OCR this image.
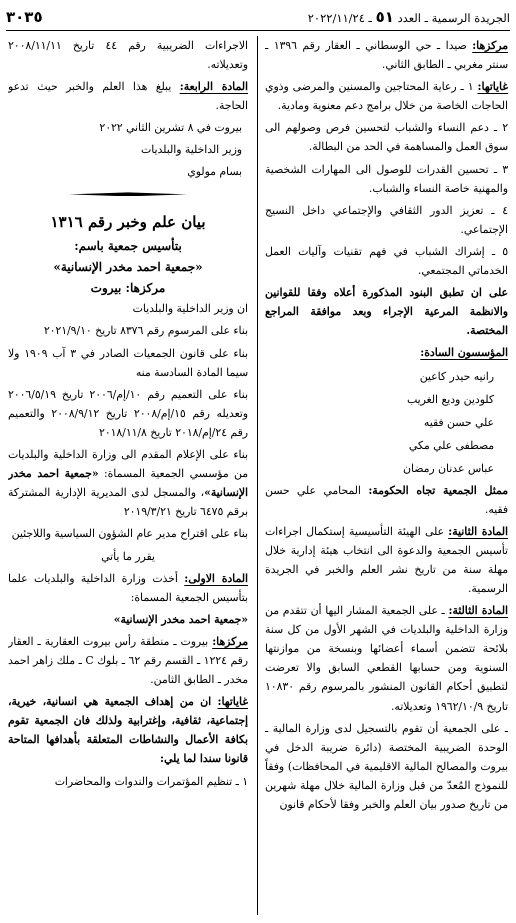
الجريدة الرسمية ـ العدد ٥١ ـ ٢٠٢٢/١١/٢٤
٣٠٣٥

مركزها: صيدا ـ حي الوسطاني ـ العقار رقم ١٣٩٦ ـ سنتر مغربي ـ الطابق الثاني.

غاياتها: ١ ـ رعاية المحتاجين والمسنين والمرضى وذوي الحاجات الخاصة من خلال برامج دعم معنوية ومادية.

٢ ـ دعم النساء والشباب لتحسين فرص وصولهم الى سوق العمل والمساهمة في الحد من البطالة.

٣ ـ تحسين القدرات للوصول الى المهارات الشخصية والمهنية خاصة النساء والشباب.

٤ ـ تعزيز الدور الثقافي والإجتماعي داخل النسيج الإجتماعي.

٥ ـ إشراك الشباب في فهم تقنيات وآليات العمل الخدماتي المجتمعي.

على ان تطبق البنود المذكورة أعلاه وفقا للقوانين والانظمة المرعية الإجراء وبعد موافقة المراجع المختصة.

المؤسسون السادة:

رانيه حيدر كاعين
كلودين وديع الغريب
علي حسن فقيه
مصطفى علي مكي
عباس عدنان رمضان

ممثل الجمعية تجاه الحكومة: المحامي علي حسن فقيه.

المادة الثانية: على الهيئة التأسيسية إستكمال اجراءات تأسيس الجمعية والدعوة الى انتخاب هيئة إدارية خلال مهلة سنة من تاريخ نشر العلم والخبر في الجريدة الرسمية.

المادة الثالثة: ـ على الجمعية المشار اليها أن تتقدم من وزارة الداخلية والبلديات في الشهر الأول من كل سنة بلائحة تتضمن أسماء أعضائها وبنسخة من موازنتها السنوية ومن حسابها القطعي السابق والا تعرضت لتطبيق أحكام القانون المنشور بالمرسوم رقم ١٠٨٣٠ تاريخ ١٩٦٢/١٠/٩ وتعديلاته.

ـ على الجمعية أن تقوم بالتسجيل لدى وزارة المالية ـ الوحدة الضريبية المختصة (دائرة ضريبة الدخل في بيروت والمصالح المالية الاقليمية في المحافظات) وفقاً للنموذج المُعدّ من قبل وزارة المالية خلال مهلة شهرين من تاريخ صدور بيان العلم والخبر وفقا لأحكام قانون

الاجراءات الضريبية رقم ٤٤ تاريخ ٢٠٠٨/١١/١١ وتعديلاته.

المادة الرابعة: يبلغ هذا العلم والخبر حيث تدعو الحاجة.

بيروت في ٨ تشرين الثاني ٢٠٢٢

وزير الداخلية والبلديات

بسام مولوي

بيان علم وخبر رقم ١٣١٦
بتأسيس جمعية باسم:
«جمعية احمد مخدر الإنسانية»
مركزها: بيروت

ان وزير الداخلية والبلديات

بناء على المرسوم رقم ٨٣٧٦ تاريخ ٢٠٢١/٩/١٠

بناء على قانون الجمعيات الصادر في ٣ آب ١٩٠٩ ولا سيما المادة السادسة منه

بناء على التعميم رقم ١٠/إم/٢٠٠٦ تاريخ ٢٠٠٦/٥/١٩ وتعديله رقم ١٥/إم/٢٠٠٨ تاريخ ٢٠٠٨/٩/١٢ والتعميم رقم ٢٤/إم/٢٠١٨ تاريخ ٢٠١٨/١١/٨

بناء على الإعلام المقدم الى وزارة الداخلية والبلديات من مؤسسي الجمعية المسماة: «جمعية احمد مخدر الإنسانية»، والمسجل لدى المديرية الإدارية المشتركة برقم ٦٤٧٥ تاريخ ٢٠١٩/٣/٢١

بناء على اقتراح مدير عام الشؤون السياسية واللاجئين

يقرر ما يأتي

المادة الاولى: أخذت وزارة الداخلية والبلديات علما بتأسيس الجمعية المسماة:

«جمعية احمد مخدر الإنسانية»

مركزها: بيروت ـ منطقة رأس بيروت العقارية ـ العقار رقم ١٢٢٤ ـ القسم رقم ٦٢ ـ بلوك C ـ ملك زاهر احمد مخدر ـ الطابق الثامن.

غاياتها: ان من إهداف الجمعية هي انسانية، خيرية، إجتماعية، ثقافية، وإغترابية ولذلك فان الجمعية تقوم بكافة الأعمال والنشاطات المتعلقة بأهدافها المتاحة قانونا سندا لما يلي:

١ ـ تنظيم المؤتمرات والندوات والمحاضرات
